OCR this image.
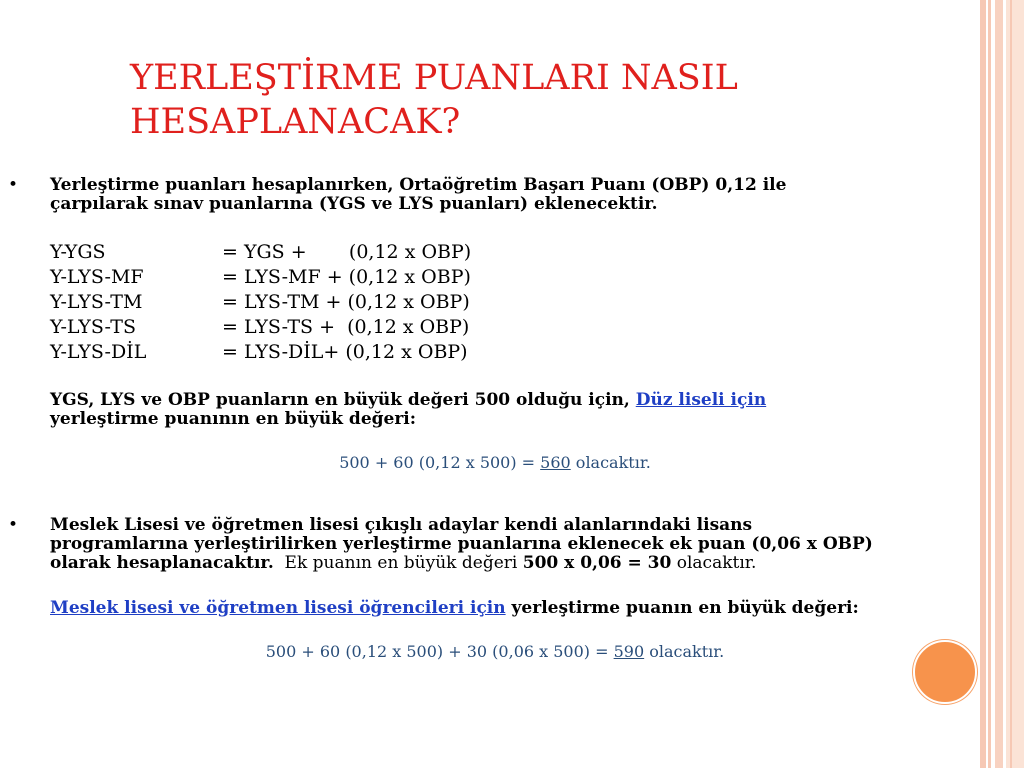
YERLEŞTİRME PUANLARI NASIL
HESAPLANACAK?
• Yerleştirme puanları hesaplanırken, Ortaöğretim Başarı Puanı (OBP) 0,12 ile çarpılarak sınav puanlarına (YGS ve LYS puanları) eklenecektir.

Y-YGS	= YGS +       (0,12 x OBP)
Y-LYS-MF	= LYS-MF + (0,12 x OBP)
Y-LYS-TM	= LYS-TM + (0,12 x OBP)
Y-LYS-TS	= LYS-TS +  (0,12 x OBP)
Y-LYS-DİL	= LYS-DİL+ (0,12 x OBP)

YGS, LYS ve OBP puanların en büyük değeri 500 olduğu için, Düz liseli için yerleştirme puanının en büyük değeri:

500 + 60 (0,12 x 500) = 560 olacaktır.

• Meslek Lisesi ve öğretmen lisesi çıkışlı adaylar kendi alanlarındaki lisans programlarına yerleştirilirken yerleştirme puanlarına eklenecek ek puan (0,06 x OBP) olarak hesaplanacaktır.  Ek puanın en büyük değeri 500 x 0,06 = 30 olacaktır.

Meslek lisesi ve öğretmen lisesi öğrencileri için yerleştirme puanın en büyük değeri:

500 + 60 (0,12 x 500) + 30 (0,06 x 500) = 590 olacaktır.
